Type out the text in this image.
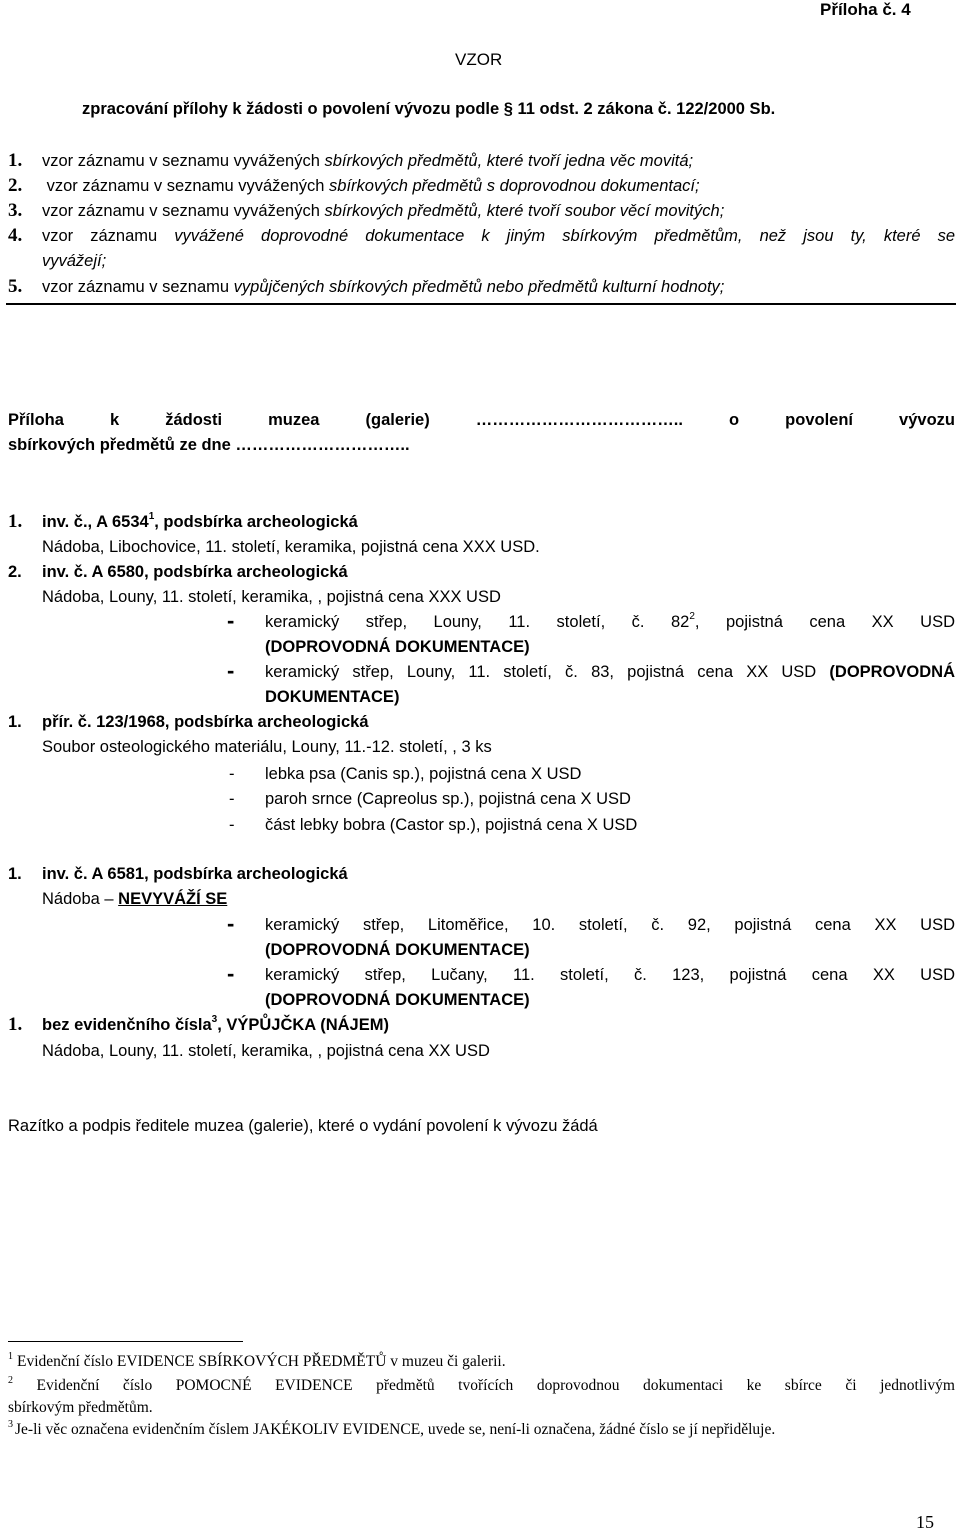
Příloha č. 4
VZOR
zpracování přílohy k žádosti o povolení vývozu podle § 11 odst. 2 zákona č. 122/2000 Sb.
1. vzor záznamu v seznamu vyvážených sbírkových předmětů, které tvoří jedna věc movitá;
2. vzor záznamu v seznamu vyvážených sbírkových předmětů s doprovodnou dokumentací;
3. vzor záznamu v seznamu vyvážených sbírkových předmětů, které tvoří soubor věcí movitých;
4. vzor záznamu vyvážené doprovodné dokumentace k jiným sbírkovým předmětům, než jsou ty, které se
vyvážejí;
5. vzor záznamu v seznamu vypůjčených sbírkových předmětů nebo předmětů kulturní hodnoty;
Příloha k žádosti muzea (galerie) ……………………………….. o povolení vývozu
sbírkových předmětů ze dne …………………………..
1. inv. č., A 6534$^1$, podsbírka archeologická
Nádoba, Libochovice, 11. století, keramika, pojistná cena XXX USD.
2. inv. č. A 6580, podsbírka archeologická
Nádoba, Louny, 11. století, keramika, , pojistná cena XXX USD
- keramický střep, Louny, 11. století, č. $82^2$, pojistná cena XX USD
(DOPROVODNÁ DOKUMENTACE)
- keramický střep, Louny, 11. století, č. 83, pojistná cena XX USD (DOPROVODNÁ
DOKUMENTACE)
1. přír. č. 123/1968, podsbírka archeologická
Soubor osteologického materiálu, Louny, 11.-12. století, , 3 ks
- lebka psa (Canis sp.), pojistná cena X USD
- paroh srnce (Capreolus sp.), pojistná cena X USD
- část lebky bobra (Castor sp.), pojistná cena X USD
1. inv. č. A 6581, podsbírka archeologická
Nádoba – NEVYVÁŽÍ SE
- keramický střep, Litoměřice, 10. století, č. 92, pojistná cena XX USD
(DOPROVODNÁ DOKUMENTACE)
- keramický střep, Lučany, 11. století, č. 123, pojistná cena XX USD
(DOPROVODNÁ DOKUMENTACE)
1. bez evidenčního čísla$^3$, VÝPŮJČKA (NÁJEM)
Nádoba, Louny, 11. století, keramika, , pojistná cena XX USD
Razítko a podpis ředitele muzea (galerie), které o vydání povolení k vývozu žádá
$^1$ Evidenční číslo EVIDENCE SBÍRKOVÝCH PŘEDMĚTŮ v muzeu či galerii.
$^2$ Evidenční číslo POMOCNÉ EVIDENCE předmětů tvořících doprovodnou dokumentaci ke sbírce či jednotlivým
sbírkovým předmětům.
$^3$ Je-li věc označena evidenčním číslem JAKÉKOLIV EVIDENCE, uvede se, není-li označena, žádné číslo se jí nepřiděluje.
15
